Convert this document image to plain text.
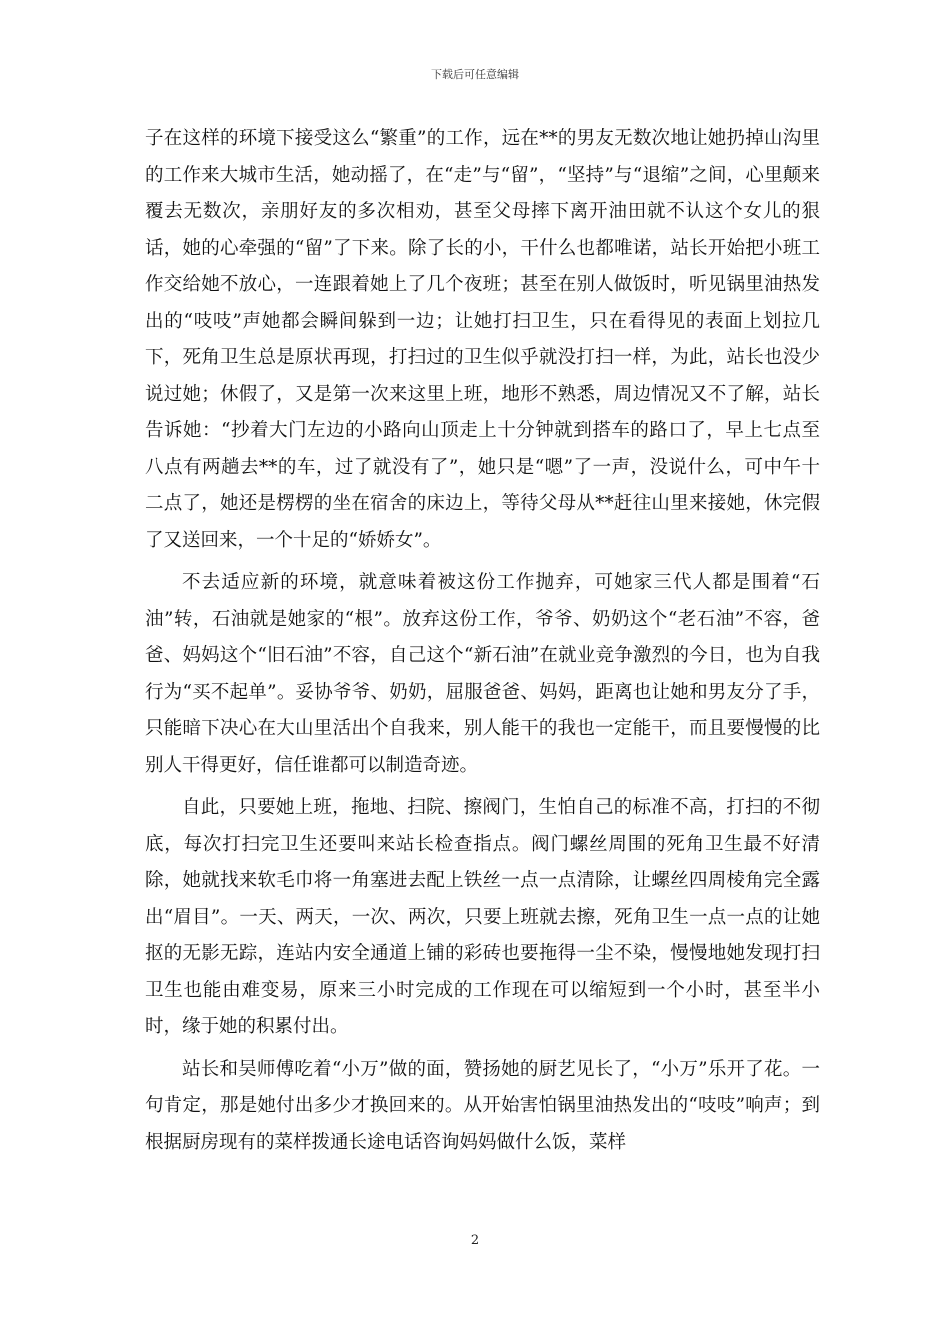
下载后可任意编辑

子在这样的环境下接受这么“繁重”的工作，远在**的男友无数次地让她扔掉山沟里的工作来大城市生活，她动摇了，在“走”与“留”，“坚持”与“退缩”之间，心里颠来覆去无数次，亲朋好友的多次相劝，甚至父母摔下离开油田就不认这个女儿的狠话，她的心牵强的“留”了下来。除了长的小，干什么也都唯诺，站长开始把小班工作交给她不放心，一连跟着她上了几个夜班；甚至在别人做饭时，听见锅里油热发出的“吱吱”声她都会瞬间躲到一边；让她打扫卫生，只在看得见的表面上划拉几下，死角卫生总是原状再现，打扫过的卫生似乎就没打扫一样，为此，站长也没少说过她；休假了，又是第一次来这里上班，地形不熟悉，周边情况又不了解，站长告诉她：“抄着大门左边的小路向山顶走上十分钟就到搭车的路口了，早上七点至八点有两趟去**的车，过了就没有了”，她只是“嗯”了一声，没说什么，可中午十二点了，她还是楞楞的坐在宿舍的床边上，等待父母从**赶往山里来接她，休完假了又送回来，一个十足的“娇娇女”。

不去适应新的环境，就意味着被这份工作抛弃，可她家三代人都是围着“石油”转，石油就是她家的“根”。放弃这份工作，爷爷、奶奶这个“老石油”不容，爸爸、妈妈这个“旧石油”不容，自己这个“新石油”在就业竞争激烈的今日，也为自我行为“买不起单”。妥协爷爷、奶奶，屈服爸爸、妈妈，距离也让她和男友分了手，只能暗下决心在大山里活出个自我来，别人能干的我也一定能干，而且要慢慢的比别人干得更好，信任谁都可以制造奇迹。

自此，只要她上班，拖地、扫院、擦阀门，生怕自己的标准不高，打扫的不彻底，每次打扫完卫生还要叫来站长检查指点。阀门螺丝周围的死角卫生最不好清除，她就找来软毛巾将一角塞进去配上铁丝一点一点清除，让螺丝四周棱角完全露出“眉目”。一天、两天，一次、两次，只要上班就去擦，死角卫生一点一点的让她抠的无影无踪，连站内安全通道上铺的彩砖也要拖得一尘不染，慢慢地她发现打扫卫生也能由难变易，原来三小时完成的工作现在可以缩短到一个小时，甚至半小时，缘于她的积累付出。

站长和吴师傅吃着“小万”做的面，赞扬她的厨艺见长了，“小万”乐开了花。一句肯定，那是她付出多少才换回来的。从开始害怕锅里油热发出的“吱吱”响声；到根据厨房现有的菜样拨通长途电话咨询妈妈做什么饭，菜样

2
